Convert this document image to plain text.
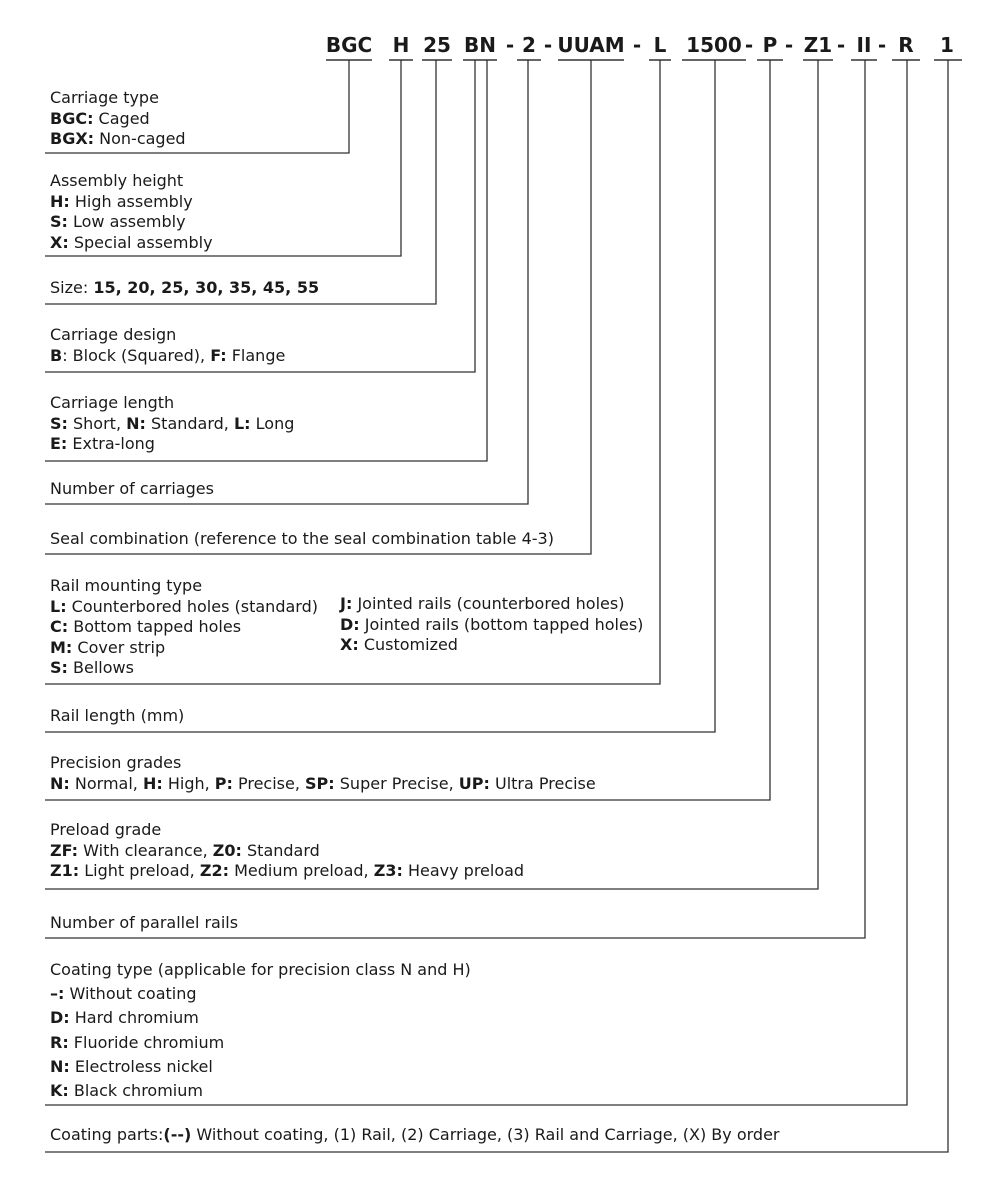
BGC H 25 BN - 2 - UUAM - L 1500 - P - Z1 - II - R	1
Carriage type
BGC: Caged
BGX: Non-caged
Assembly height
H: High assembly
S: Low assembly
X: Special assembly
Size: 15, 20, 25, 30, 35, 45, 55
Carriage design
B: Block (Squared), F: Flange
Carriage length
S: Short, N: Standard, L: Long
E: Extra-long
Number of carriages
Seal combination (reference to the seal combination table 4-3)
Rail mounting type
L: Counterbored holes (standard)
C: Bottom tapped holes
M: Cover strip
S: Bellows
J: Jointed rails (counterbored holes)
D: Jointed rails (bottom tapped holes)
X: Customized
Rail length (mm)
Precision grades
N: Normal, H: High, P: Precise, SP: Super Precise, UP: Ultra Precise
Preload grade
ZF: With clearance, Z0: Standard
Z1: Light preload, Z2: Medium preload, Z3: Heavy preload
Number of parallel rails
Coating type (applicable for precision class N and H)
–: Without coating
D: Hard chromium
R: Fluoride chromium
N: Electroless nickel
K: Black chromium
Coating parts:(--) Without coating, (1) Rail, (2) Carriage, (3) Rail and Carriage, (X) By order
